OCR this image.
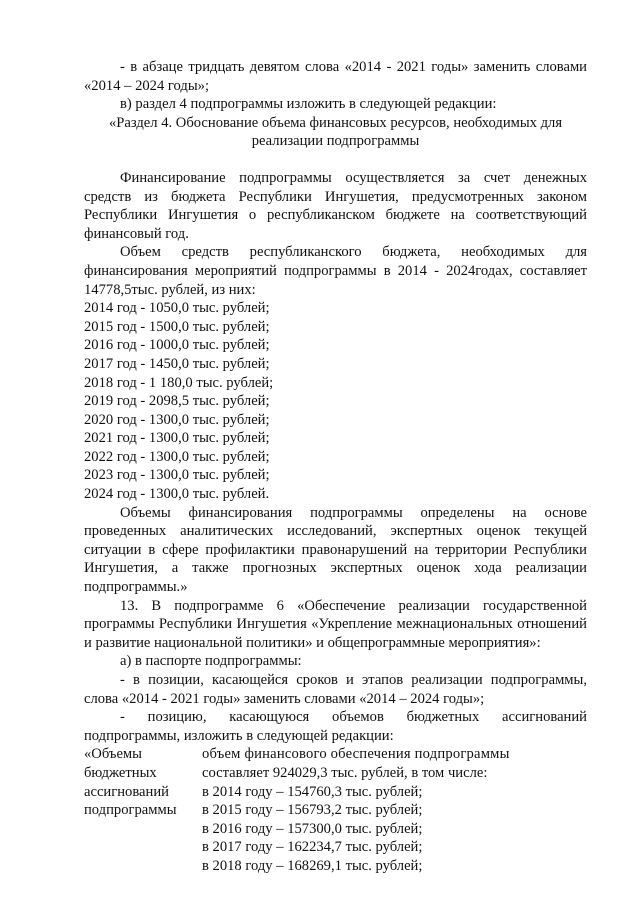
- в абзаце тридцать девятом слова «2014 - 2021 годы» заменить словами «2014 – 2024 годы»;

в) раздел 4 подпрограммы изложить в следующей редакции:

«Раздел 4. Обоснование объема финансовых ресурсов, необходимых для реализации подпрограммы

Финансирование подпрограммы осуществляется за счет денежных средств из бюджета Республики Ингушетия, предусмотренных законом Республики Ингушетия о республиканском бюджете на соответствующий финансовый год.

Объем средств республиканского бюджета, необходимых для финансирования мероприятий подпрограммы в 2014 - 2024годах, составляет 14778,5тыс. рублей, из них:

2014 год - 1050,0 тыс. рублей;

2015 год - 1500,0 тыс. рублей;

2016 год - 1000,0 тыс. рублей;

2017 год - 1450,0 тыс. рублей;

2018 год - 1 180,0 тыс. рублей;

2019 год - 2098,5 тыс. рублей;

2020 год - 1300,0 тыс. рублей;

2021 год - 1300,0 тыс. рублей;

2022 год - 1300,0 тыс. рублей;

2023 год - 1300,0 тыс. рублей;

2024 год - 1300,0 тыс. рублей.

Объемы финансирования подпрограммы определены на основе проведенных аналитических исследований, экспертных оценок текущей ситуации в сфере профилактики правонарушений на территории Республики Ингушетия, а также прогнозных экспертных оценок хода реализации подпрограммы.»

13. В подпрограмме 6 «Обеспечение реализации государственной программы Республики Ингушетия «Укрепление межнациональных отношений и развитие национальной политики» и общепрограммные мероприятия»:

а) в паспорте подпрограммы:

- в позиции, касающейся сроков и этапов реализации подпрограммы, слова «2014 - 2021 годы» заменить словами «2014 – 2024 годы»;

- позицию, касающуюся объемов бюджетных ассигнований подпрограммы, изложить в следующей редакции:

«Объемы

бюджетных

ассигнований

подпрограммы

объем финансового обеспечения подпрограммы

составляет 924029,3 тыс. рублей, в том числе:

в 2014 году – 154760,3 тыс. рублей;

в 2015 году – 156793,2 тыс. рублей;

в 2016 году – 157300,0 тыс. рублей;

в 2017 году – 162234,7 тыс. рублей;

в 2018 году – 168269,1 тыс. рублей;
